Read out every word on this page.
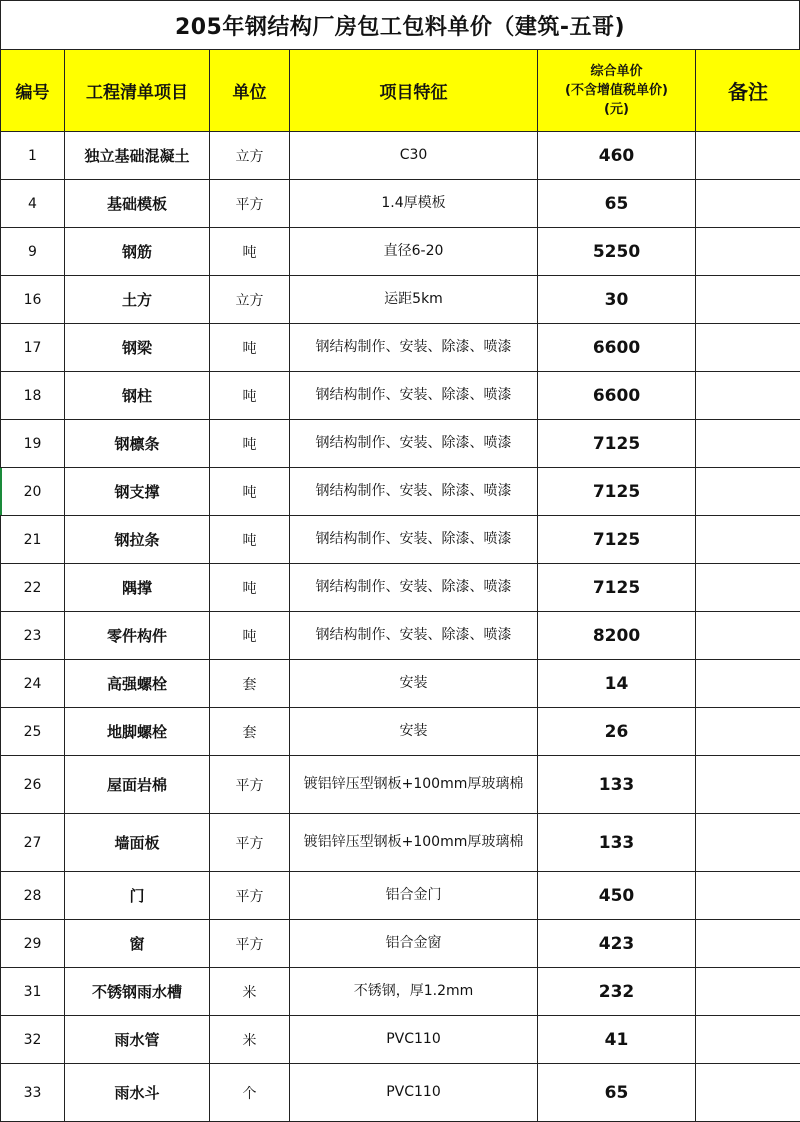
205年钢结构厂房包工包料单价（建筑-五哥)
编号	工程清单项目	单位	项目特征	综合单价
(不含增值税单价)
(元)	备注
1	独立基础混凝土	立方	C30	460	
4	基础模板	平方	1.4厚模板	65	
9	钢筋	吨	直径6-20	5250	
16	土方	立方	运距5km	30	
17	钢梁	吨	钢结构制作、安装、除漆、喷漆	6600	
18	钢柱	吨	钢结构制作、安装、除漆、喷漆	6600	
19	钢檩条	吨	钢结构制作、安装、除漆、喷漆	7125	
20	钢支撑	吨	钢结构制作、安装、除漆、喷漆	7125	
21	钢拉条	吨	钢结构制作、安装、除漆、喷漆	7125	
22	隅撑	吨	钢结构制作、安装、除漆、喷漆	7125	
23	零件构件	吨	钢结构制作、安装、除漆、喷漆	8200	
24	高强螺栓	套	安装	14	
25	地脚螺栓	套	安装	26	
26	屋面岩棉	平方	镀铝锌压型钢板+100mm厚玻璃棉	133	
27	墙面板	平方	镀铝锌压型钢板+100mm厚玻璃棉	133	
28	门	平方	铝合金门	450	
29	窗	平方	铝合金窗	423	
31	不锈钢雨水槽	米	不锈钢，厚1.2mm	232	
32	雨水管	米	PVC110	41	
33	雨水斗	个	PVC110	65	
